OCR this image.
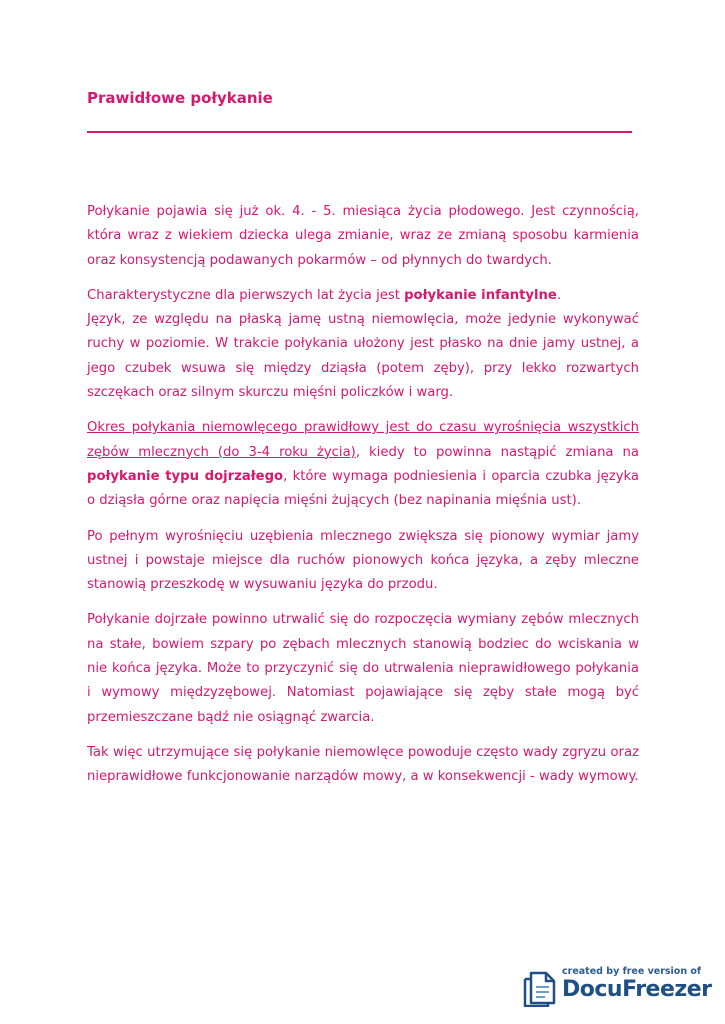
Prawidłowe połykanie

Połykanie pojawia się już ok. 4. - 5. miesiąca życia płodowego. Jest czynnością, która wraz z wiekiem dziecka ulega zmianie, wraz ze zmianą sposobu karmienia oraz konsystencją podawanych pokarmów – od płynnych do twardych.

Charakterystyczne dla pierwszych lat życia jest połykanie infantylne.
Język, ze względu na płaską jamę ustną niemowlęcia, może jedynie wykonywać ruchy w poziomie. W trakcie połykania ułożony jest płasko na dnie jamy ustnej, a jego czubek wsuwa się między dziąsła (potem zęby), przy lekko rozwartych szczękach oraz silnym skurczu mięśni policzków i warg.

Okres połykania niemowlęcego prawidłowy jest do czasu wyrośnięcia wszystkich zębów mlecznych (do 3-4 roku życia), kiedy to powinna nastąpić zmiana na połykanie typu dojrzałego, które wymaga podniesienia i oparcia czubka języka o dziąsła górne oraz napięcia mięśni żujących (bez napinania mięśnia ust).

Po pełnym wyrośnięciu uzębienia mlecznego zwiększa się pionowy wymiar jamy ustnej i powstaje miejsce dla ruchów pionowych końca języka, a zęby mleczne stanowią przeszkodę w wysuwaniu języka do przodu.

Połykanie dojrzałe powinno utrwalić się do rozpoczęcia wymiany zębów mlecznych na stałe, bowiem szpary po zębach mlecznych stanowią bodziec do wciskania w nie końca języka. Może to przyczynić się do utrwalenia nieprawidłowego połykania i wymowy międzyzębowej. Natomiast pojawiające się zęby stałe mogą być przemieszczane bądź nie osiągnąć zwarcia.

Tak więc utrzymujące się połykanie niemowlęce powoduje często wady zgryzu oraz nieprawidłowe funkcjonowanie narządów mowy, a w konsekwencji - wady wymowy.

created by free version of
DocuFreezer
